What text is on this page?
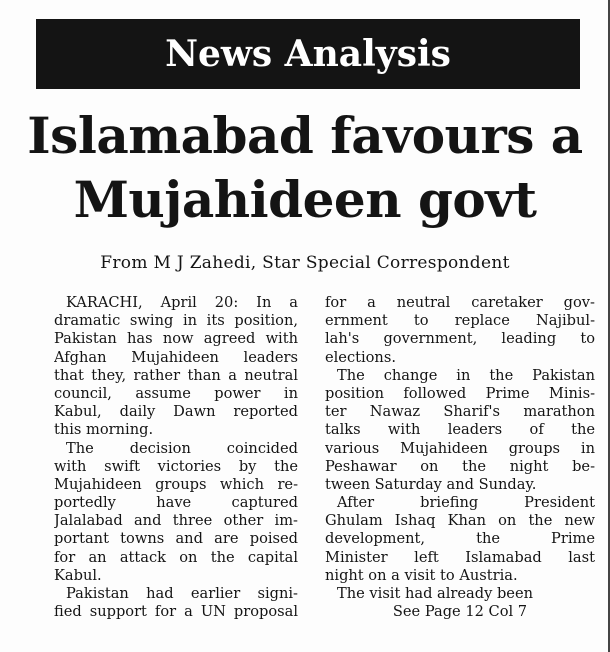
News Analysis
Islamabad favours a
Mujahideen govt
From M J Zahedi, Star Special Correspondent
KARACHI, April 20: In a
dramatic swing in its position,
Pakistan has now agreed with
Afghan Mujahideen leaders
that they, rather than a neutral
council, assume power in
Kabul, daily Dawn reported
this morning.
The decision coincided
with swift victories by the
Mujahideen groups which re-
portedly have captured
Jalalabad and three other im-
portant towns and are poised
for an attack on the capital
Kabul.
Pakistan had earlier signi-
fied support for a UN proposal
for a neutral caretaker gov-
ernment to replace Najibul-
lah's government, leading to
elections.
The change in the Pakistan
position followed Prime Minis-
ter Nawaz Sharif's marathon
talks with leaders of the
various Mujahideen groups in
Peshawar on the night be-
tween Saturday and Sunday.
After briefing President
Ghulam Ishaq Khan on the new
development, the Prime
Minister left Islamabad last
night on a visit to Austria.
The visit had already been
See Page 12 Col 7
